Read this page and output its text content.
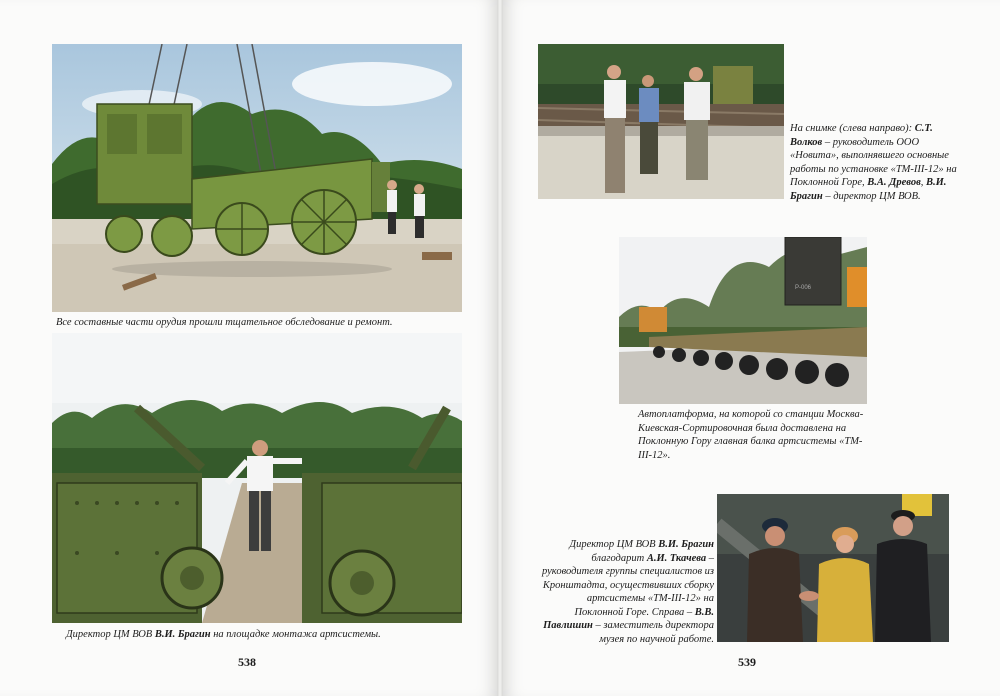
Все составные части орудия прошли тщательное обследование и ремонт.
Директор ЦМ ВОВ В.И. Брагин на площадке монтажа артсистемы.
538
На снимке (слева направо): С.Т. Волков – руководитель ООО «Новита», выполнявшего основные работы по установке «ТМ-III-12» на Поклонной Горе, В.А. Древов, В.И. Брагин – директор ЦМ ВОВ.
Р-006
Автоплатформа, на которой со станции Москва-Киевская-Сортировочная была доставлена на Поклонную Гору главная балка артсистемы «ТМ-III-12».
Директор ЦМ ВОВ В.И. Брагин благодарит А.И. Ткачева – руководителя группы специалистов из Кронштадта, осуществивших сборку артсистемы «ТМ-III-12» на Поклонной Горе. Справа – В.В. Павлишин – заместитель директора музея по научной работе.
539
